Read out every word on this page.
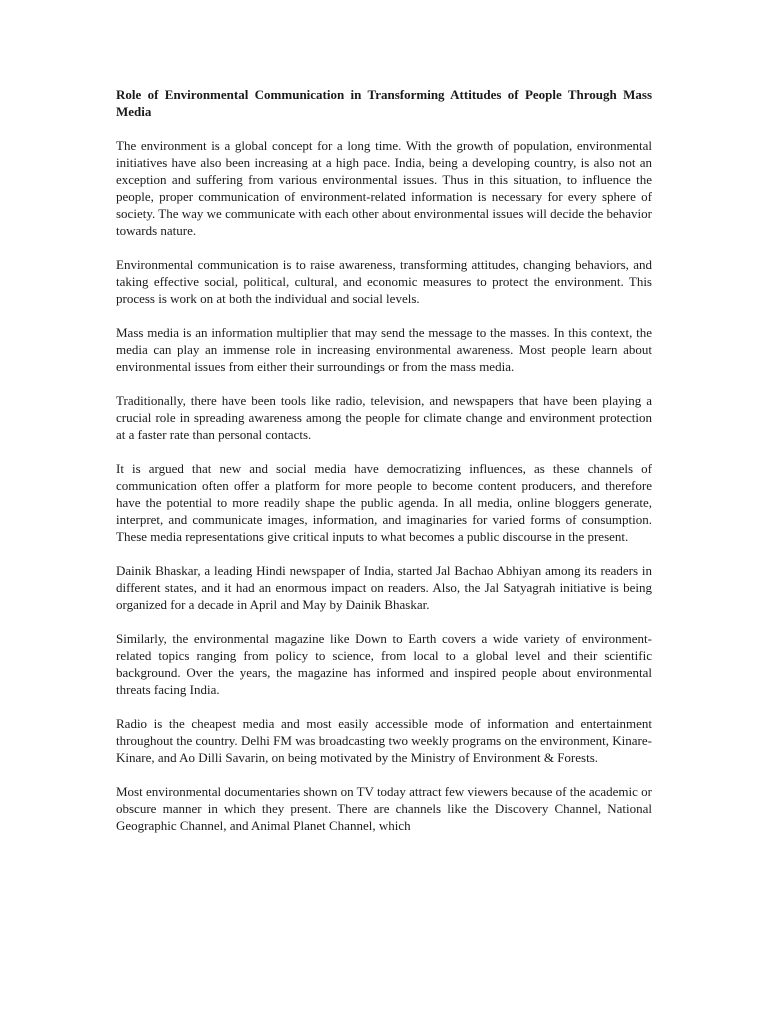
Role of Environmental Communication in Transforming Attitudes of People Through Mass Media

The environment is a global concept for a long time. With the growth of population, environmental initiatives have also been increasing at a high pace. India, being a developing country, is also not an exception and suffering from various environmental issues. Thus in this situation, to influence the people, proper communication of environment-related information is necessary for every sphere of society. The way we communicate with each other about environmental issues will decide the behavior towards nature.

Environmental communication is to raise awareness, transforming attitudes, changing behaviors, and taking effective social, political, cultural, and economic measures to protect the environment. This process is work on at both the individual and social levels.

Mass media is an information multiplier that may send the message to the masses. In this context, the media can play an immense role in increasing environmental awareness. Most people learn about environmental issues from either their surroundings or from the mass media.

Traditionally, there have been tools like radio, television, and newspapers that have been playing a crucial role in spreading awareness among the people for climate change and environment protection at a faster rate than personal contacts.

It is argued that new and social media have democratizing influences, as these channels of communication often offer a platform for more people to become content producers, and therefore have the potential to more readily shape the public agenda. In all media, online bloggers generate, interpret, and communicate images, information, and imaginaries for varied forms of consumption. These media representations give critical inputs to what becomes a public discourse in the present.

Dainik Bhaskar, a leading Hindi newspaper of India, started Jal Bachao Abhiyan among its readers in different states, and it had an enormous impact on readers. Also, the Jal Satyagrah initiative is being organized for a decade in April and May by Dainik Bhaskar.

Similarly, the environmental magazine like Down to Earth covers a wide variety of environment-related topics ranging from policy to science, from local to a global level and their scientific background. Over the years, the magazine has informed and inspired people about environmental threats facing India.

Radio is the cheapest media and most easily accessible mode of information and entertainment throughout the country. Delhi FM was broadcasting two weekly programs on the environment, Kinare-Kinare, and Ao Dilli Savarin, on being motivated by the Ministry of Environment & Forests.

Most environmental documentaries shown on TV today attract few viewers because of the academic or obscure manner in which they present. There are channels like the Discovery Channel, National Geographic Channel, and Animal Planet Channel, which
